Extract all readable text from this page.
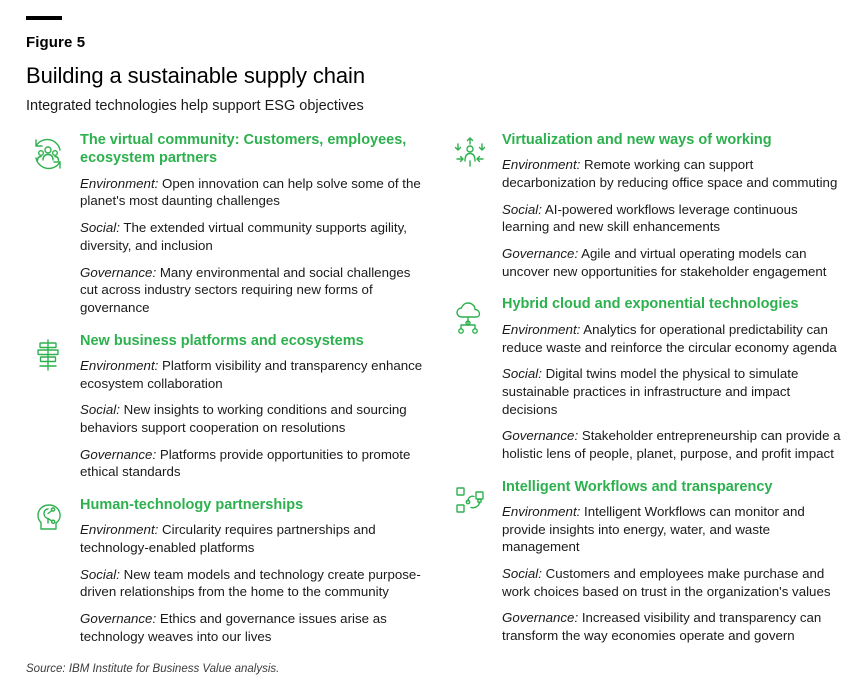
Figure 5
Building a sustainable supply chain
Integrated technologies help support ESG objectives
The virtual community: Customers, employees, ecosystem partners
Environment: Open innovation can help solve some of the planet's most daunting challenges
Social: The extended virtual community supports agility, diversity, and inclusion
Governance: Many environmental and social challenges cut across industry sectors requiring new forms of governance
New business platforms and ecosystems
Environment: Platform visibility and transparency enhance ecosystem collaboration
Social: New insights to working conditions and sourcing behaviors support cooperation on resolutions
Governance: Platforms provide opportunities to promote ethical standards
Human-technology partnerships
Environment: Circularity requires partnerships and technology-enabled platforms
Social: New team models and technology create purpose-driven relationships from the home to the community
Governance: Ethics and governance issues arise as technology weaves into our lives
Virtualization and new ways of working
Environment: Remote working can support decarbonization by reducing office space and commuting
Social: AI-powered workflows leverage continuous learning and new skill enhancements
Governance: Agile and virtual operating models can uncover new opportunities for stakeholder engagement
Hybrid cloud and exponential technologies
Environment: Analytics for operational predictability can reduce waste and reinforce the circular economy agenda
Social: Digital twins model the physical to simulate sustainable practices in infrastructure and impact decisions
Governance: Stakeholder entrepreneurship can provide a holistic lens of people, planet, purpose, and profit impact
Intelligent Workflows and transparency
Environment: Intelligent Workflows can monitor and provide insights into energy, water, and waste management
Social: Customers and employees make purchase and work choices based on trust in the organization's values
Governance: Increased visibility and transparency can transform the way economies operate and govern
Source: IBM Institute for Business Value analysis.
